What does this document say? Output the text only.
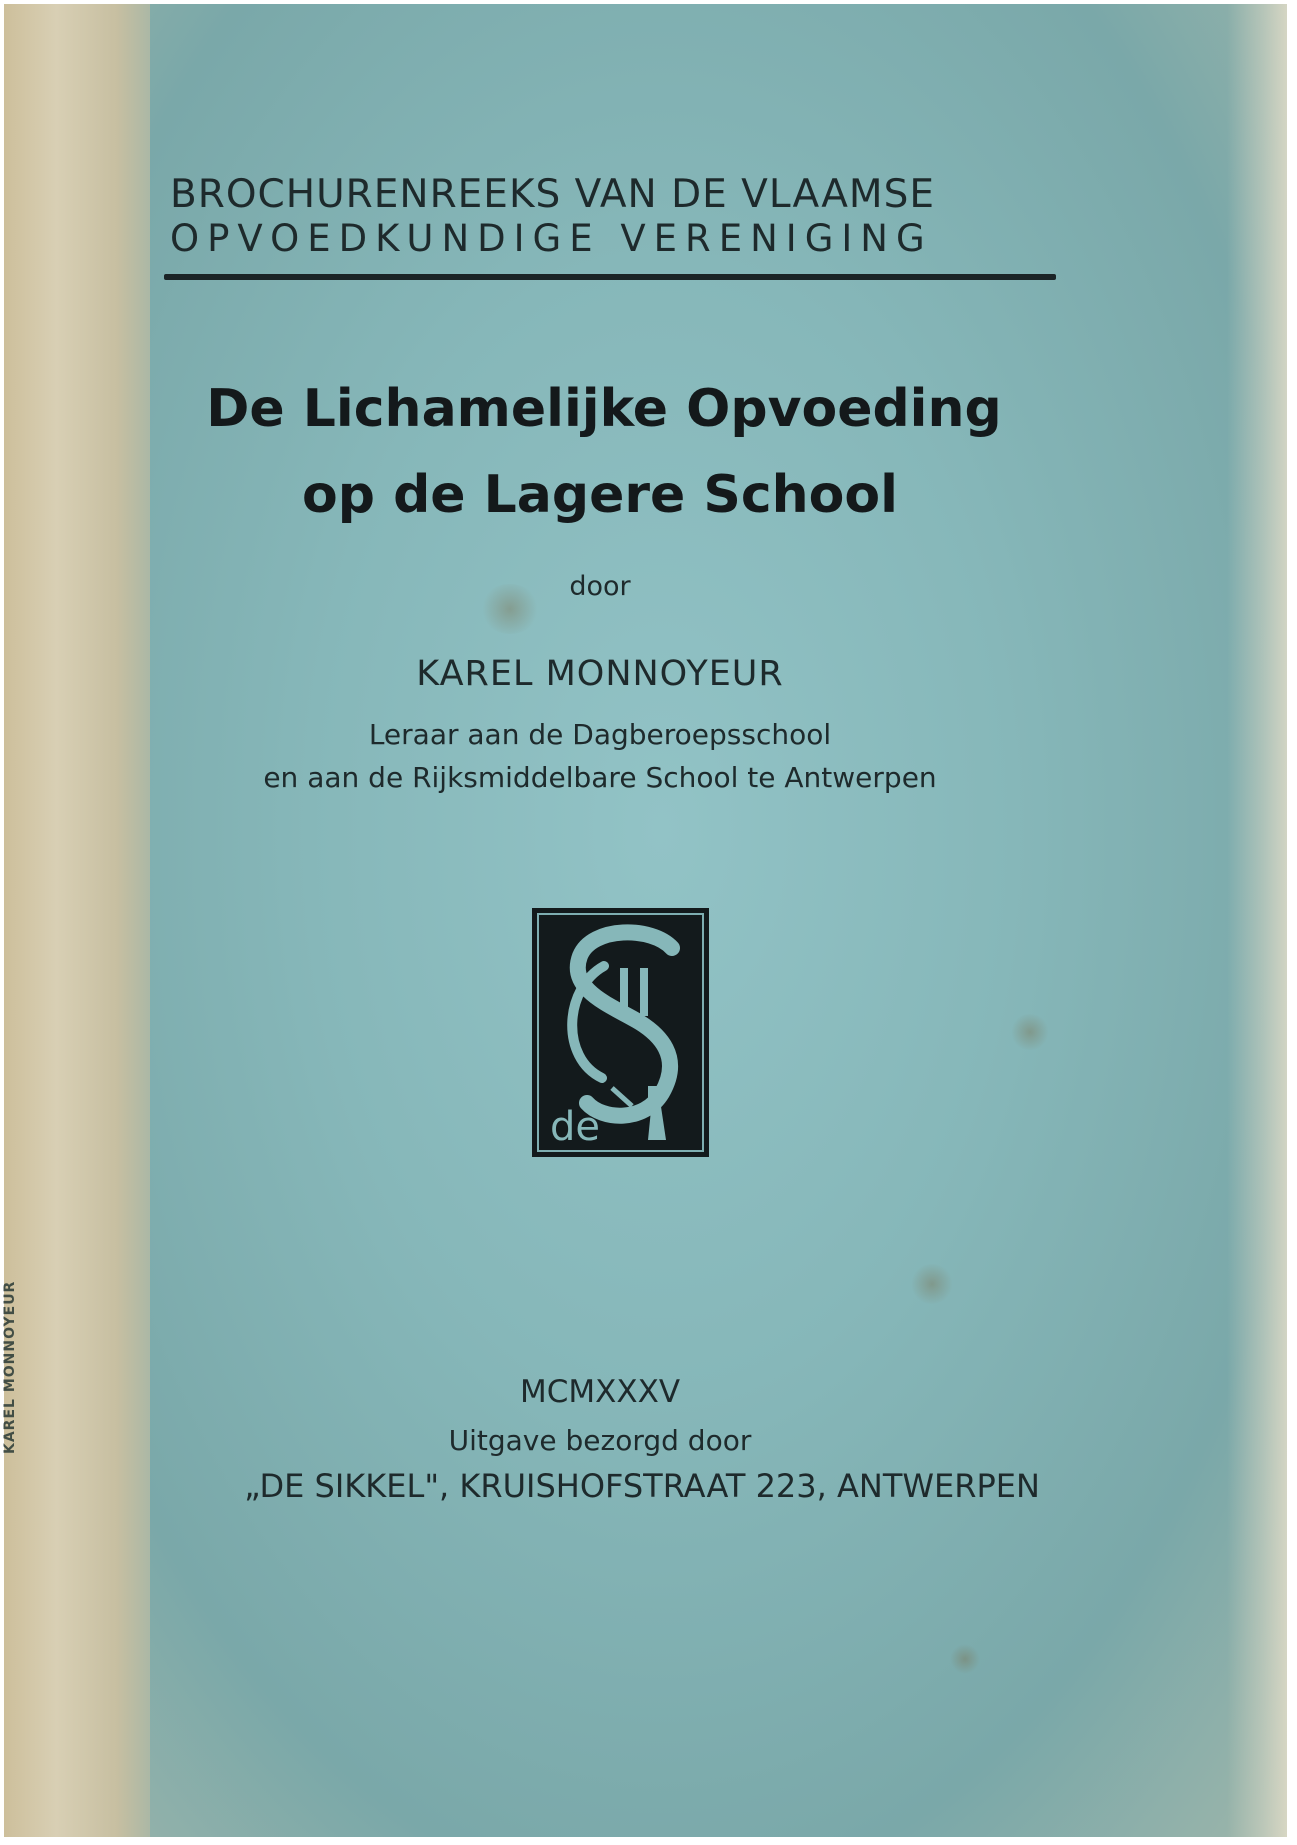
KAREL MONNOYEUR
BROCHURENREEKS VAN DE VLAAMSE
OPVOEDKUNDIGE VERENIGING
De Lichamelijke Opvoeding
op de Lagere School
door
KAREL MONNOYEUR
Leraar aan de Dagberoepsschool
en aan de Rijksmiddelbare School te Antwerpen
de
MCMXXXV
Uitgave bezorgd door
„DE SIKKEL", KRUISHOFSTRAAT 223, ANTWERPEN
